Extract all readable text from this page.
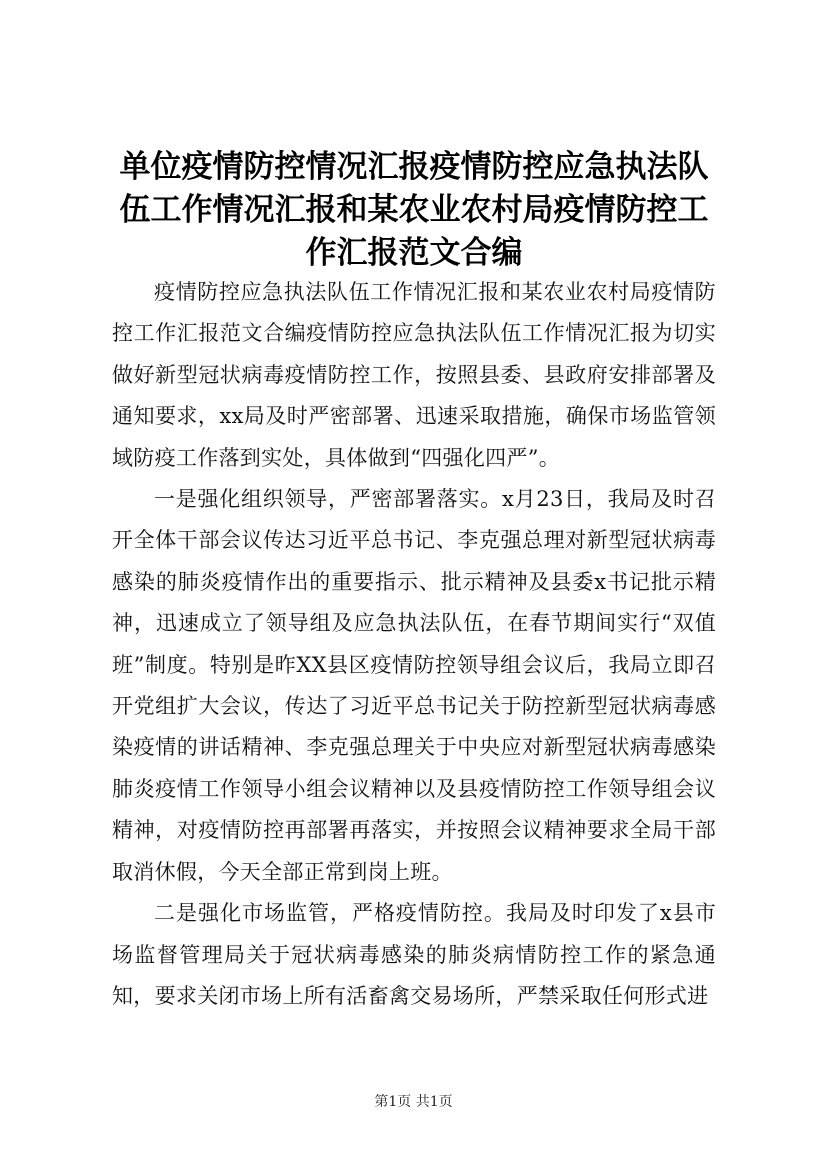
单位疫情防控情况汇报疫情防控应急执法队伍工作情况汇报和某农业农村局疫情防控工作汇报范文合编

疫情防控应急执法队伍工作情况汇报和某农业农村局疫情防控工作汇报范文合编疫情防控应急执法队伍工作情况汇报为切实做好新型冠状病毒疫情防控工作，按照县委、县政府安排部署及通知要求，xx局及时严密部署、迅速采取措施，确保市场监管领域防疫工作落到实处，具体做到“四强化四严”。

一是强化组织领导，严密部署落实。x月23日，我局及时召开全体干部会议传达习近平总书记、李克强总理对新型冠状病毒感染的肺炎疫情作出的重要指示、批示精神及县委x书记批示精神，迅速成立了领导组及应急执法队伍，在春节期间实行“双值班”制度。特别是昨XX县区疫情防控领导组会议后，我局立即召开党组扩大会议，传达了习近平总书记关于防控新型冠状病毒感染疫情的讲话精神、李克强总理关于中央应对新型冠状病毒感染肺炎疫情工作领导小组会议精神以及县疫情防控工作领导组会议精神，对疫情防控再部署再落实，并按照会议精神要求全局干部取消休假，今天全部正常到岗上班。

二是强化市场监管，严格疫情防控。我局及时印发了x县市场监督管理局关于冠状病毒感染的肺炎病情防控工作的紧急通知，要求关闭市场上所有活畜禽交易场所，严禁采取任何形式进

第1页 共1页
